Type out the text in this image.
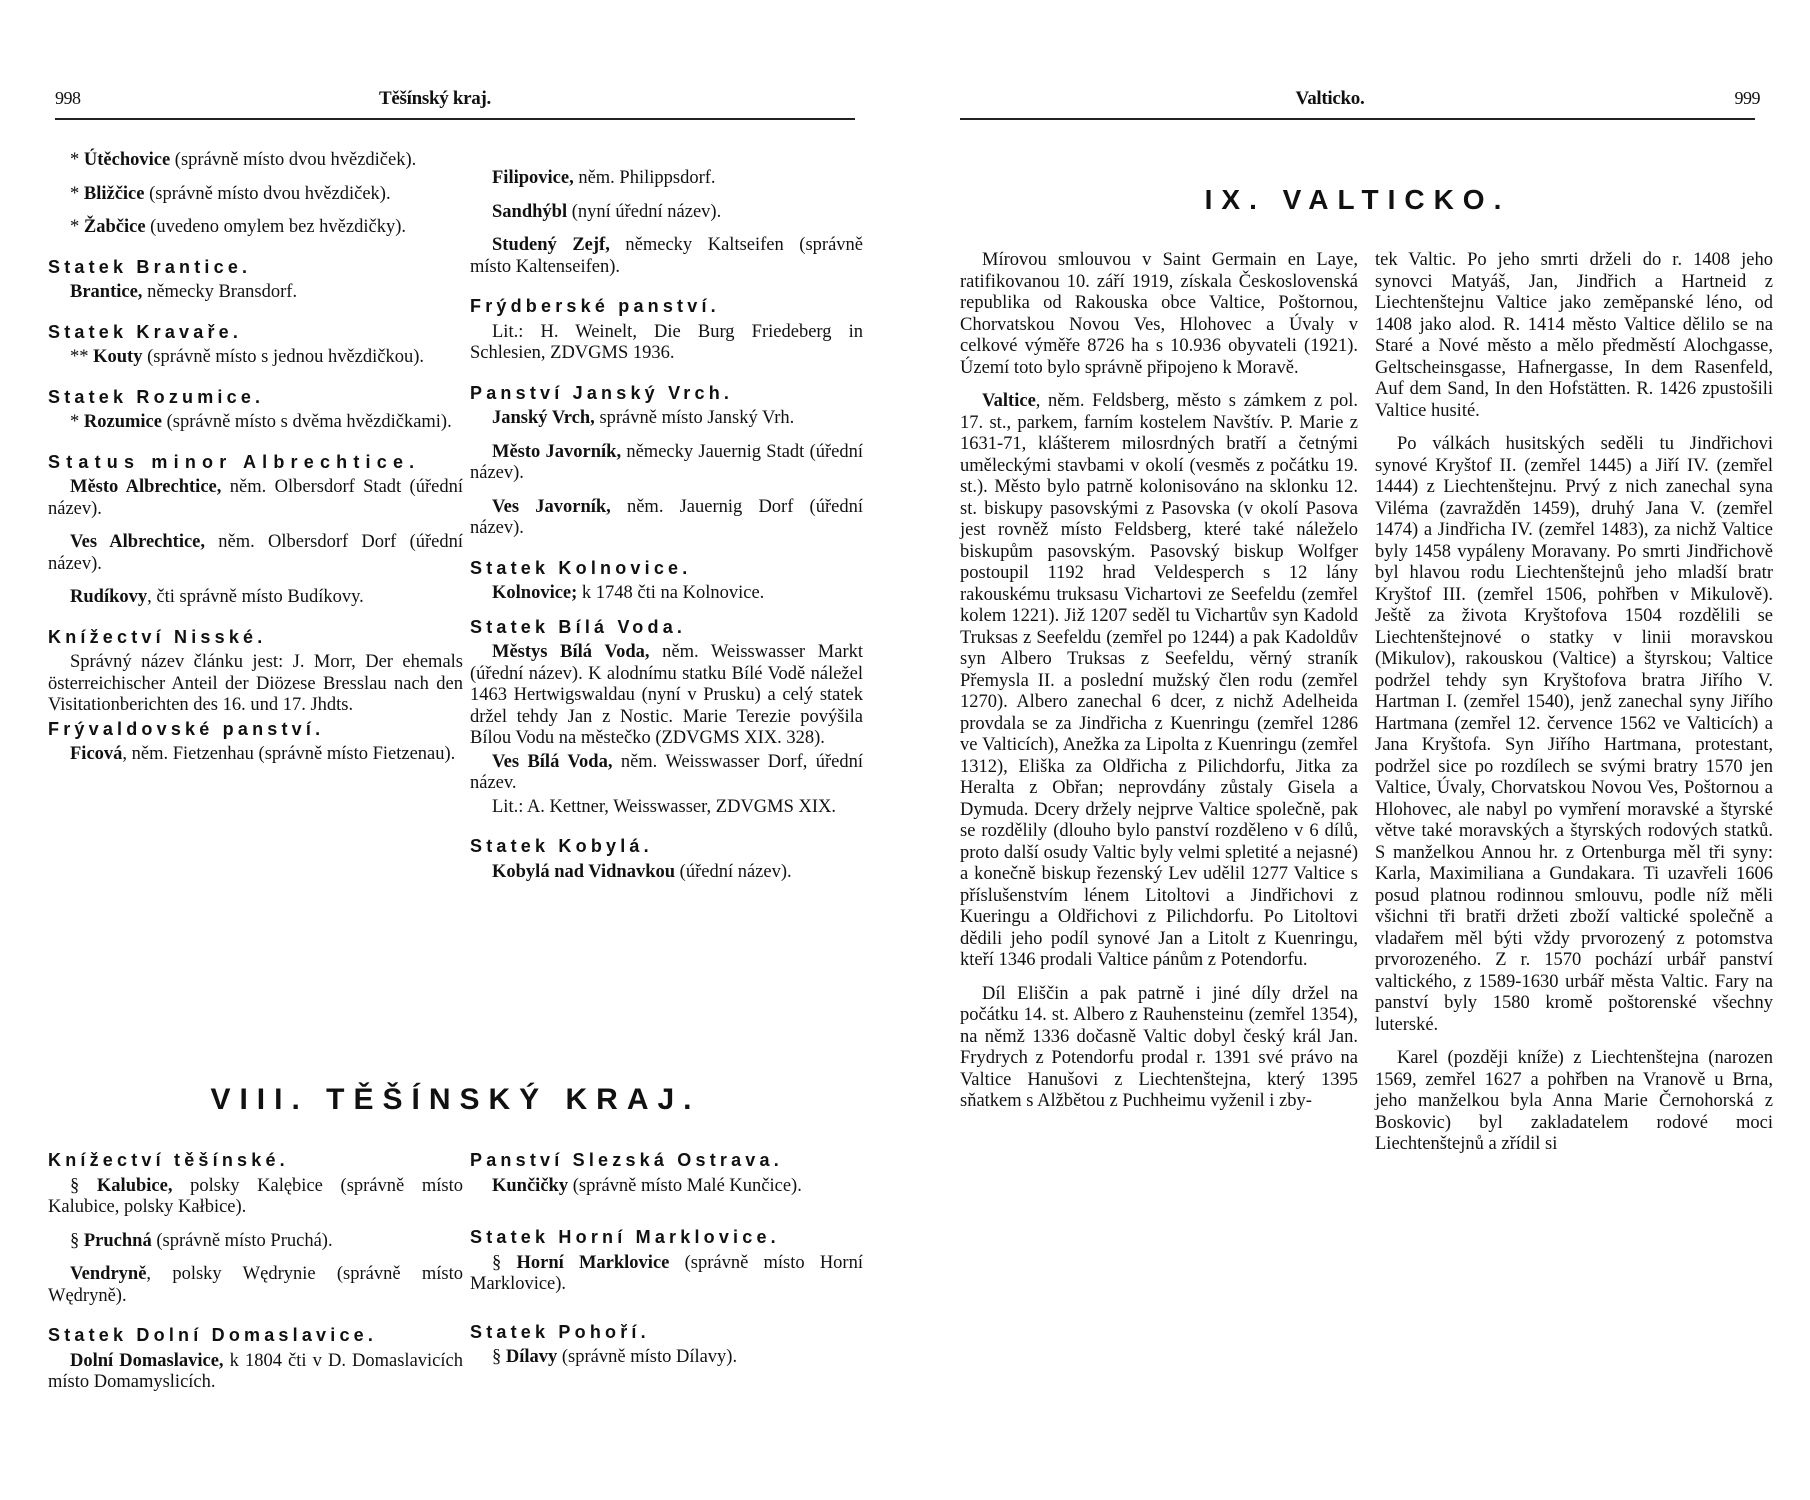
998	Těšínský kraj.

* Útěchovice (správně místo dvou hvězdiček).

* Bližčice (správně místo dvou hvězdiček).

* Žabčice (uvedeno omylem bez hvězdičky).

Statek Brantice.

Brantice, německy Bransdorf.

Statek Kravaře.

** Kouty (správně místo s jednou hvězdičkou).

Statek Rozumice.

* Rozumice (správně místo s dvěma hvězdičkami).

Status minor Albrechtice.

Město Albrechtice, něm. Olbersdorf Stadt (úřední název).

Ves Albrechtice, něm. Olbersdorf Dorf (úřední název).

Rudíkovy, čti správně místo Budíkovy.

Knížectví Nisské.

Správný název článku jest: J. Morr, Der ehemals österreichischer Anteil der Diözese Bresslau nach den Visitationberichten des 16. und 17. Jhdts.

Frývaldovské panství.

Ficová, něm. Fietzenhau (správně místo Fietzenau).

Filipovice, něm. Philippsdorf.

Sandhýbl (nyní úřední název).

Studený Zejf, německy Kaltseifen (správně místo Kaltenseifen).

Frýdberské panství.

Lit.: H. Weinelt, Die Burg Friedeberg in Schlesien, ZDVGMS 1936.

Panství Janský Vrch.

Janský Vrch, správně místo Janský Vrh.

Město Javorník, německy Jauernig Stadt (úřední název).

Ves Javorník, něm. Jauernig Dorf (úřední název).

Statek Kolnovice.

Kolnovice; k 1748 čti na Kolnovice.

Statek Bílá Voda.

Městys Bílá Voda, něm. Weisswasser Markt (úřední název). K alodnímu statku Bílé Vodě náležel 1463 Hertwigswaldau (nyní v Prusku) a celý statek držel tehdy Jan z Nostic. Marie Terezie povýšila Bílou Vodu na městečko (ZDVGMS XIX. 328).

Ves Bílá Voda, něm. Weisswasser Dorf, úřední název.

Lit.: A. Kettner, Weisswasser, ZDVGMS XIX.

Statek Kobylá.

Kobylá nad Vidnavkou (úřední název).

VIII. TĚŠÍNSKÝ KRAJ.
Knížectví těšínské.

§ Kalubice, polsky Kalębice (správně místo Kalubice, polsky Kałbice).

§ Pruchná (správně místo Pruchá).

Vendryně, polsky Wędrynie (správně místo Wędryně).

Statek Dolní Domaslavice.

Dolní Domaslavice, k 1804 čti v D. Domaslavicích místo Domamyslicích.

Panství Slezská Ostrava.

Kunčičky (správně místo Malé Kunčice).

Statek Horní Marklovice.

§ Horní Marklovice (správně místo Horní Marklovice).

Statek Pohoří.

§ Dílavy (správně místo Dílavy).

Valticko.	999
IX. VALTICKO.

Mírovou smlouvou v Saint Germain en Laye, ratifikovanou 10. září 1919, získala Československá republika od Rakouska obce Valtice, Poštornou, Chorvatskou Novou Ves, Hlohovec a Úvaly v celkové výměře 8726 ha s 10.936 obyvateli (1921). Území toto bylo správně připojeno k Moravě.

Valtice, něm. Feldsberg, město s zámkem z pol. 17. st., parkem, farním kostelem Navštív. P. Marie z 1631-71, klášterem milosrdných bratří a četnými uměleckými stavbami v okolí (vesměs z počátku 19. st.). Město bylo patrně kolonisováno na sklonku 12. st. biskupy pasovskými z Pasovska (v okolí Pasova jest rovněž místo Feldsberg, které také náleželo biskupům pasovským. Pasovský biskup Wolfger postoupil 1192 hrad Veldesperch s 12 lány rakouskému truksasu Vichartovi ze Seefeldu (zemřel kolem 1221). Již 1207 seděl tu Vichartův syn Kadold Truksas z Seefeldu (zemřel po 1244) a pak Kadoldův syn Albero Truksas z Seefeldu, věrný straník Přemysla II. a poslední mužský člen rodu (zemřel 1270). Albero zanechal 6 dcer, z nichž Adelheida provdala se za Jindřicha z Kuenringu (zemřel 1286 ve Valticích), Anežka za Lipolta z Kuenringu (zemřel 1312), Eliška za Oldřicha z Pilichdorfu, Jitka za Heralta z Obřan; neprovdány zůstaly Gisela a Dymuda. Dcery držely nejprve Valtice společně, pak se rozdělily (dlouho bylo panství rozděleno v 6 dílů, proto další osudy Valtic byly velmi spletité a nejasné) a konečně biskup řezenský Lev udělil 1277 Valtice s příslušenstvím lénem Litoltovi a Jindřichovi z Kueringu a Oldřichovi z Pilichdorfu. Po Litoltovi dědili jeho podíl synové Jan a Litolt z Kuenringu, kteří 1346 prodali Valtice pánům z Potendorfu.

Díl Eliščin a pak patrně i jiné díly držel na počátku 14. st. Albero z Rauhensteinu (zemřel 1354), na němž 1336 dočasně Valtic dobyl český král Jan. Frydrych z Potendorfu prodal r. 1391 své právo na Valtice Hanušovi z Liechtenštejna, který 1395 sňatkem s Alžbětou z Puchheimu vyženil i zby-

tek Valtic. Po jeho smrti drželi do r. 1408 jeho synovci Matyáš, Jan, Jindřich a Hartneid z Liechtenštejnu Valtice jako zeměpanské léno, od 1408 jako alod. R. 1414 město Valtice dělilo se na Staré a Nové město a mělo předměstí Alochgasse, Geltscheinsgasse, Hafnergasse, In dem Rasenfeld, Auf dem Sand, In den Hofstätten. R. 1426 zpustošili Valtice husité.

Po válkách husitských seděli tu Jindřichovi synové Kryštof II. (zemřel 1445) a Jiří IV. (zemřel 1444) z Liechtenštejnu. Prvý z nich zanechal syna Viléma (zavražděn 1459), druhý Jana V. (zemřel 1474) a Jindřicha IV. (zemřel 1483), za nichž Valtice byly 1458 vypáleny Moravany. Po smrti Jindřichově byl hlavou rodu Liechtenštejnů jeho mladší bratr Kryštof III. (zemřel 1506, pohřben v Mikulově). Ještě za života Kryštofova 1504 rozdělili se Liechtenštejnové o statky v linii moravskou (Mikulov), rakouskou (Valtice) a štyrskou; Valtice podržel tehdy syn Kryštofova bratra Jiřího V. Hartman I. (zemřel 1540), jenž zanechal syny Jiřího Hartmana (zemřel 12. července 1562 ve Valticích) a Jana Kryštofa. Syn Jiřího Hartmana, protestant, podržel sice po rozdílech se svými bratry 1570 jen Valtice, Úvaly, Chorvatskou Novou Ves, Poštornou a Hlohovec, ale nabyl po vymření moravské a štyrské větve také moravských a štyrských rodových statků. S manželkou Annou hr. z Ortenburga měl tři syny: Karla, Maximiliana a Gundakara. Ti uzavřeli 1606 posud platnou rodinnou smlouvu, podle níž měli všichni tři bratři držeti zboží valtické společně a vladařem měl býti vždy prvorozený z potomstva prvorozeného. Z r. 1570 pochází urbář panství valtického, z 1589-1630 urbář města Valtic. Fary na panství byly 1580 kromě poštorenské všechny luterské.

Karel (později kníže) z Liechtenštejna (narozen 1569, zemřel 1627 a pohřben na Vranově u Brna, jeho manželkou byla Anna Marie Černohorská z Boskovic) byl zakladatelem rodové moci Liechtenštejnů a zřídil si
